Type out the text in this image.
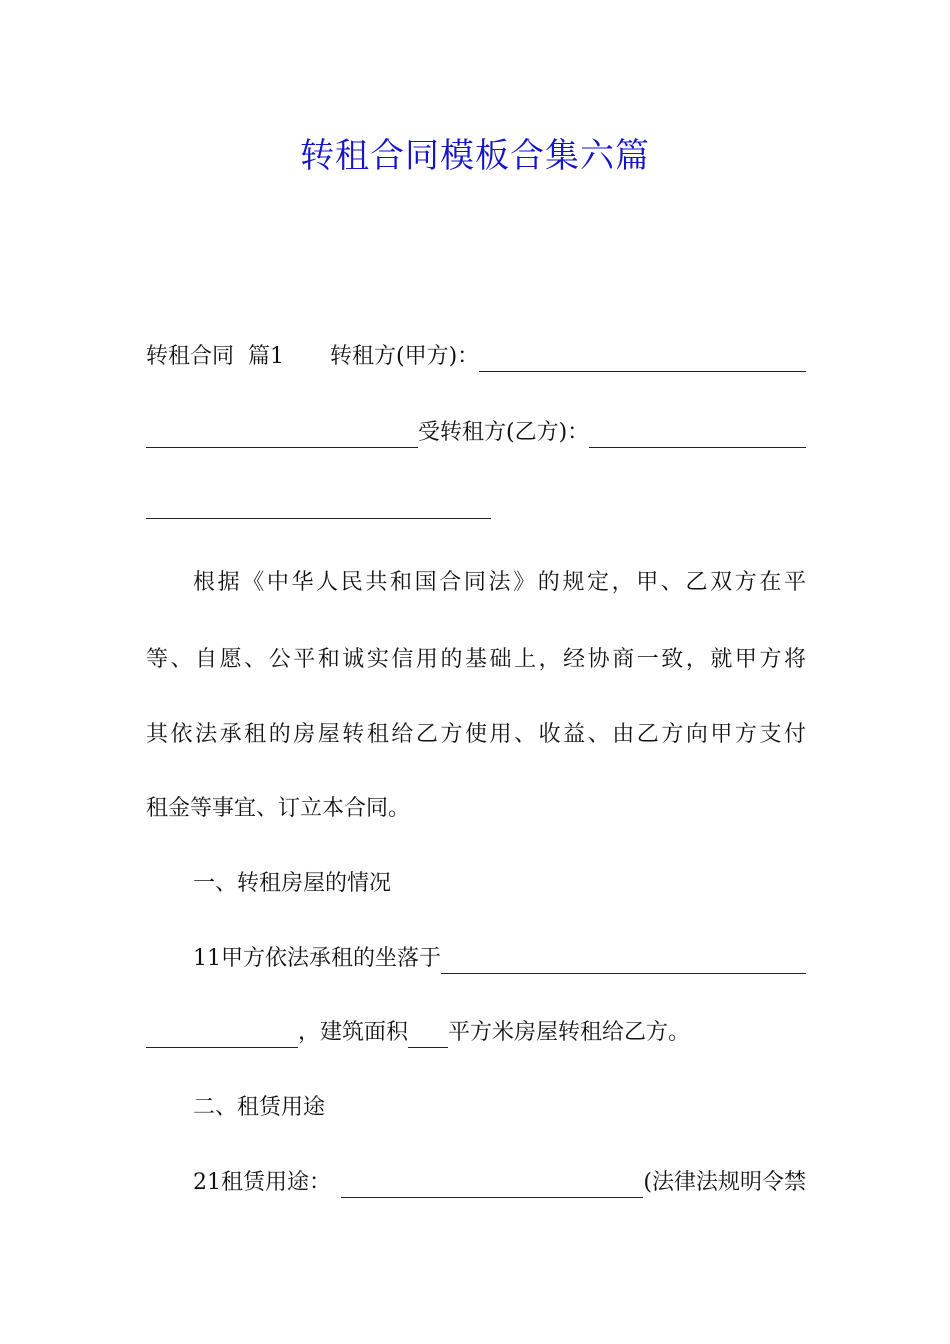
转租合同模板合集六篇
转租合同 篇1 转租方(甲方)：
受转租方(乙方)：
根据《中华人民共和国合同法》的规定，甲、乙双方在平
等、自愿、公平和诚实信用的基础上，经协商一致，就甲方将
其依法承租的房屋转租给乙方使用、收益、由乙方向甲方支付
租金等事宜、订立本合同。
一、转租房屋的情况
11甲方依法承租的坐落于
，建筑面积 平方米房屋转租给乙方。
二、租赁用途
21租赁用途：	(法律法规明令禁
